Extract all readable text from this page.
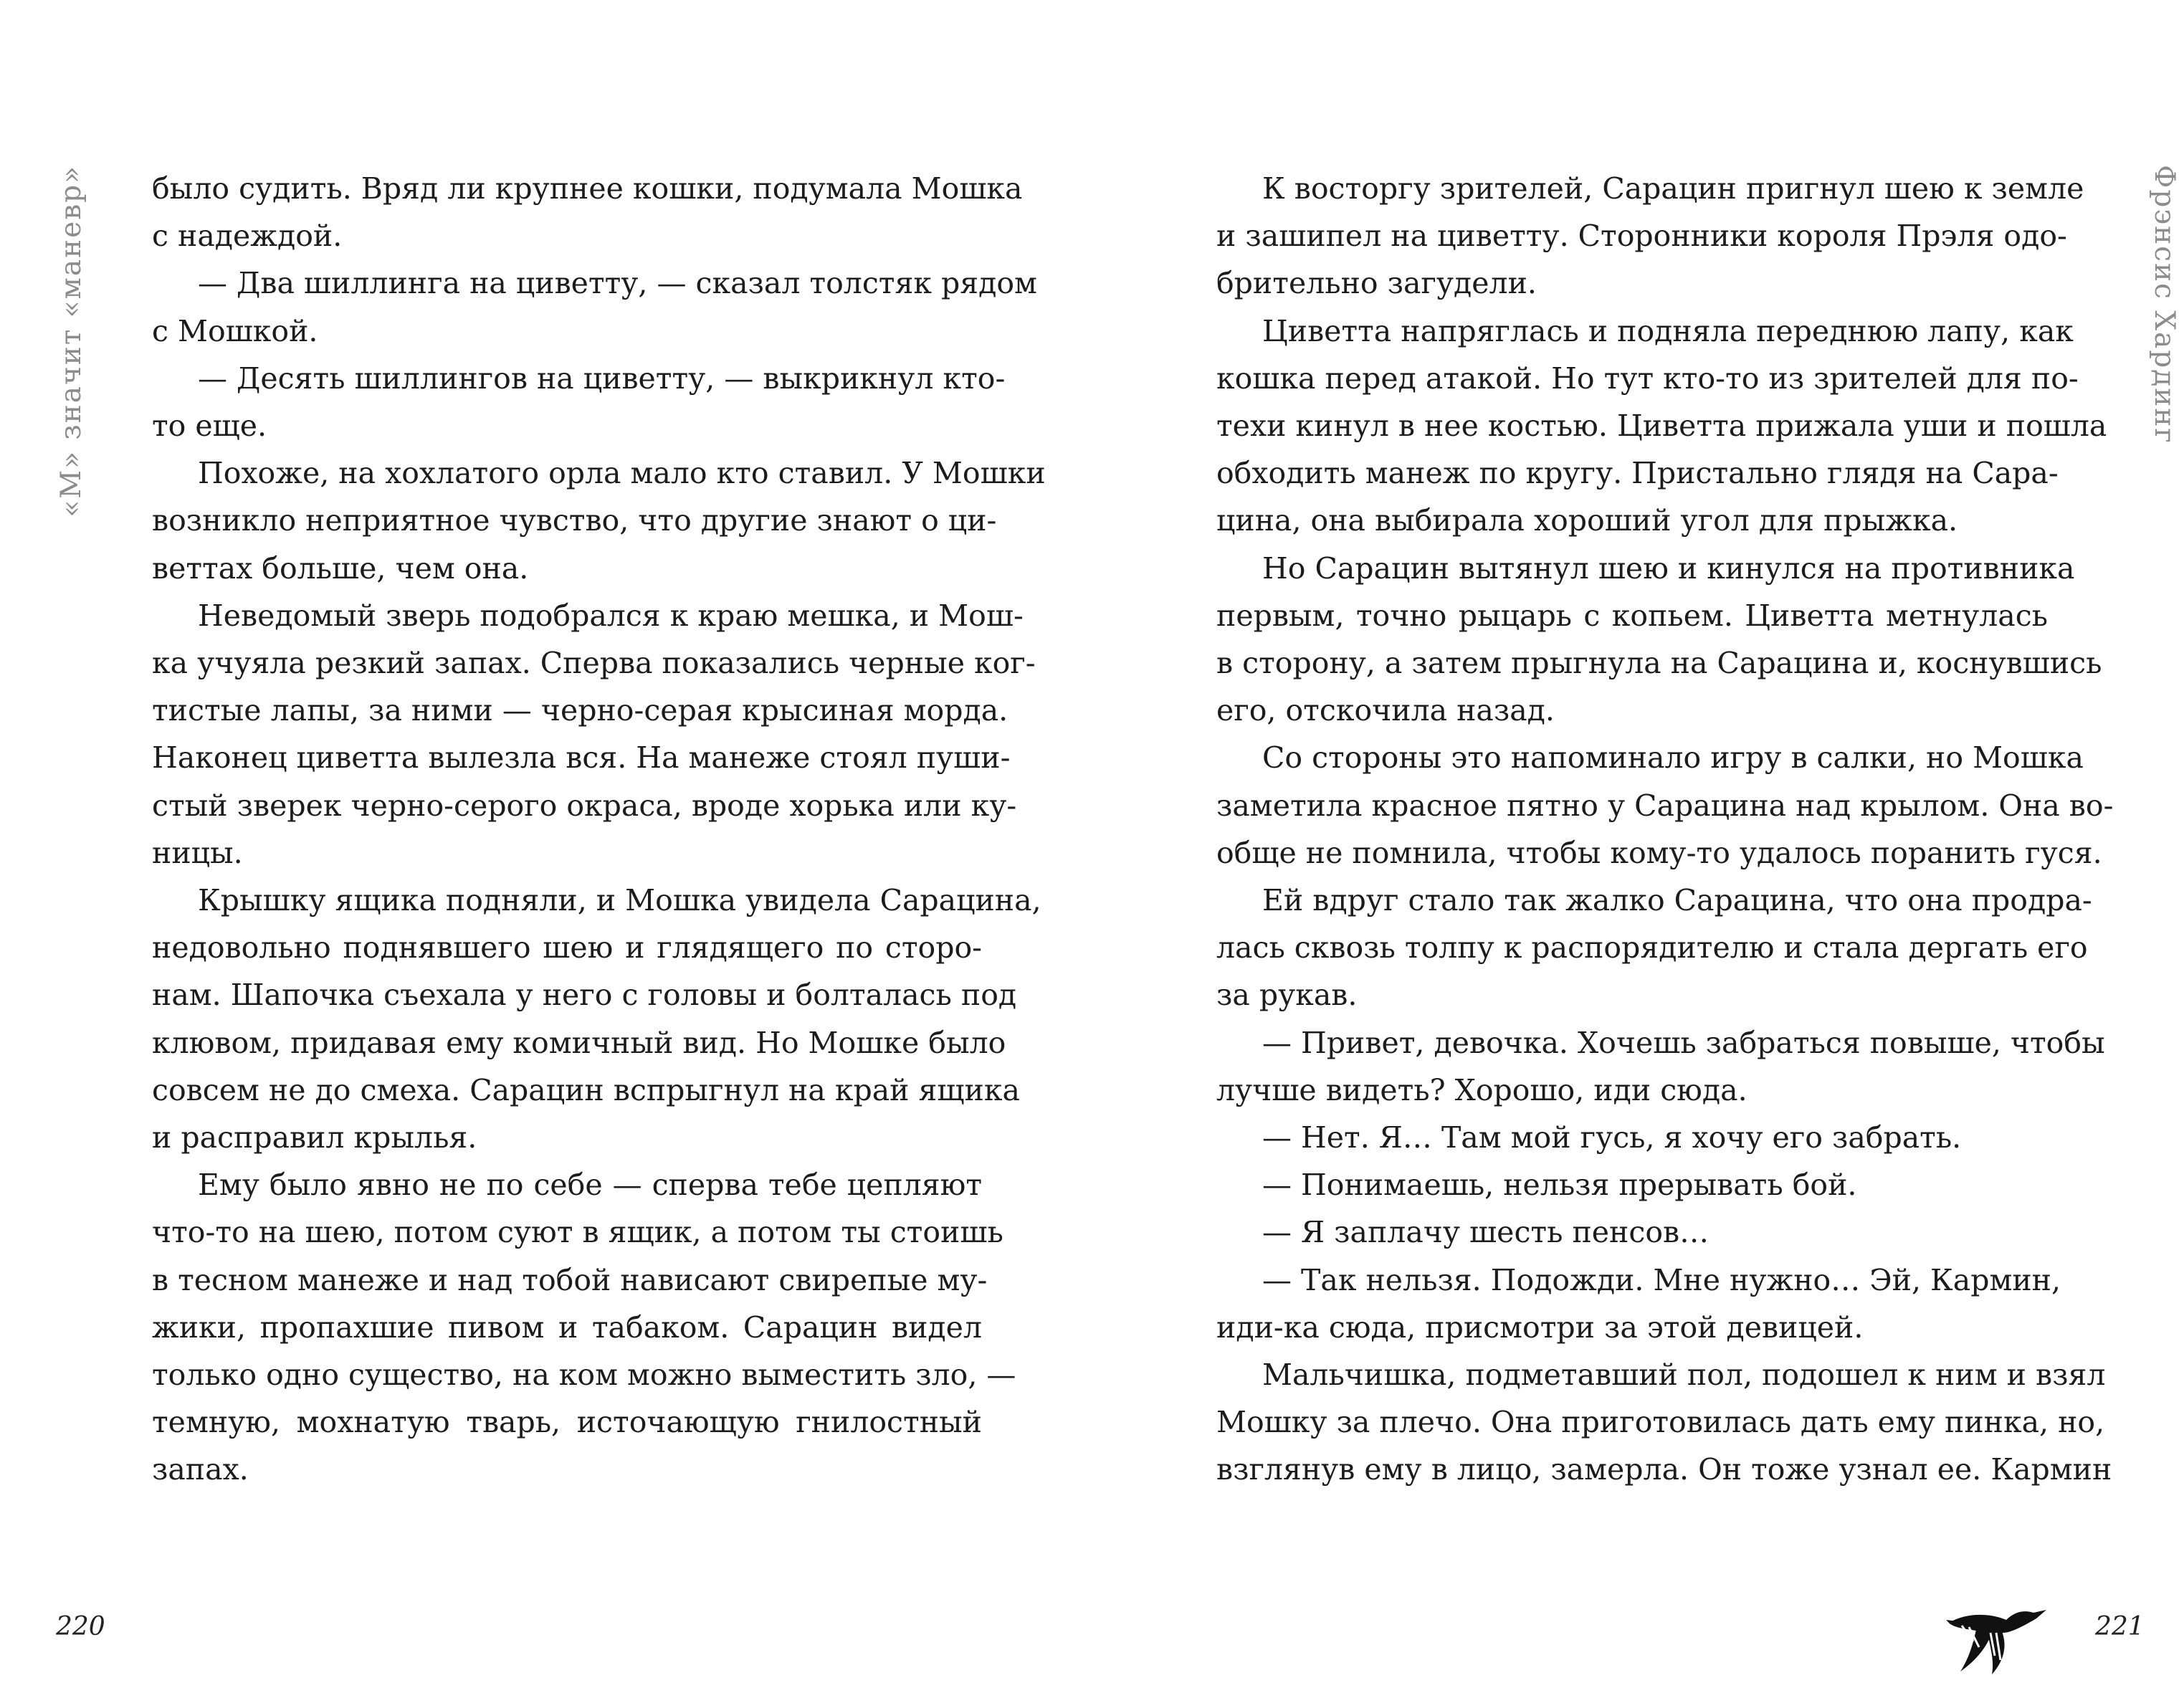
«М» значит «маневр» было судить. Вряд ли крупнее кошки, подумала Мошка
с надеждой.
— Два шиллинга на циветту, — сказал толстяк рядом
с Мошкой.
— Десять шиллингов на циветту, — выкрикнул кто-
то еще.
Похоже, на хохлатого орла мало кто ставил. У Мошки
возникло неприятное чувство, что другие знают о ци-
веттах больше, чем она.
Неведомый зверь подобрался к краю мешка, и Мош-
ка учуяла резкий запах. Сперва показались черные ког-
тистые лапы, за ними — черно-серая крысиная морда.
Наконец циветта вылезла вся. На манеже стоял пуши-
стый зверек черно-серого окраса, вроде хорька или ку-
ницы.
Крышку ящика подняли, и Мошка увидела Сарацина,
недовольно поднявшего шею и глядящего по сторо-
нам. Шапочка съехала у него с головы и болталась под
клювом, придавая ему комичный вид. Но Мошке было
совсем не до смеха. Сарацин вспрыгнул на край ящика
и расправил крылья.
Ему было явно не по себе — сперва тебе цепляют
что-то на шею, потом суют в ящик, а потом ты стоишь
в тесном манеже и над тобой нависают свирепые му-
жики, пропахшие пивом и табаком. Сарацин видел
только одно существо, на ком можно выместить зло, —
темную, мохнатую тварь, источающую гнилостный
запах.
220
Фрэнсис Хардинг
К восторгу зрителей, Сарацин пригнул шею к земле
и зашипел на циветту. Сторонники короля Прэля одо-
брительно загудели.
Циветта напряглась и подняла переднюю лапу, как
кошка перед атакой. Но тут кто-то из зрителей для по-
техи кинул в нее костью. Циветта прижала уши и пошла
обходить манеж по кругу. Пристально глядя на Сара-
цина, она выбирала хороший угол для прыжка.
Но Сарацин вытянул шею и кинулся на противника
первым, точно рыцарь с копьем. Циветта метнулась
в сторону, а затем прыгнула на Сарацина и, коснувшись
его, отскочила назад.
Со стороны это напоминало игру в салки, но Мошка
заметила красное пятно у Сарацина над крылом. Она во-
обще не помнила, чтобы кому-то удалось поранить гуся.
Ей вдруг стало так жалко Сарацина, что она продра-
лась сквозь толпу к распорядителю и стала дергать его
за рукав.
— Привет, девочка. Хочешь забраться повыше, чтобы
лучше видеть? Хорошо, иди сюда.
— Нет. Я… Там мой гусь, я хочу его забрать.
— Понимаешь, нельзя прерывать бой.
— Я заплачу шесть пенсов…
— Так нельзя. Подожди. Мне нужно… Эй, Кармин,
иди-ка сюда, присмотри за этой девицей.
Мальчишка, подметавший пол, подошел к ним и взял
Мошку за плечо. Она приготовилась дать ему пинка, но,
взглянув ему в лицо, замерла. Он тоже узнал ее. Кармин
221
